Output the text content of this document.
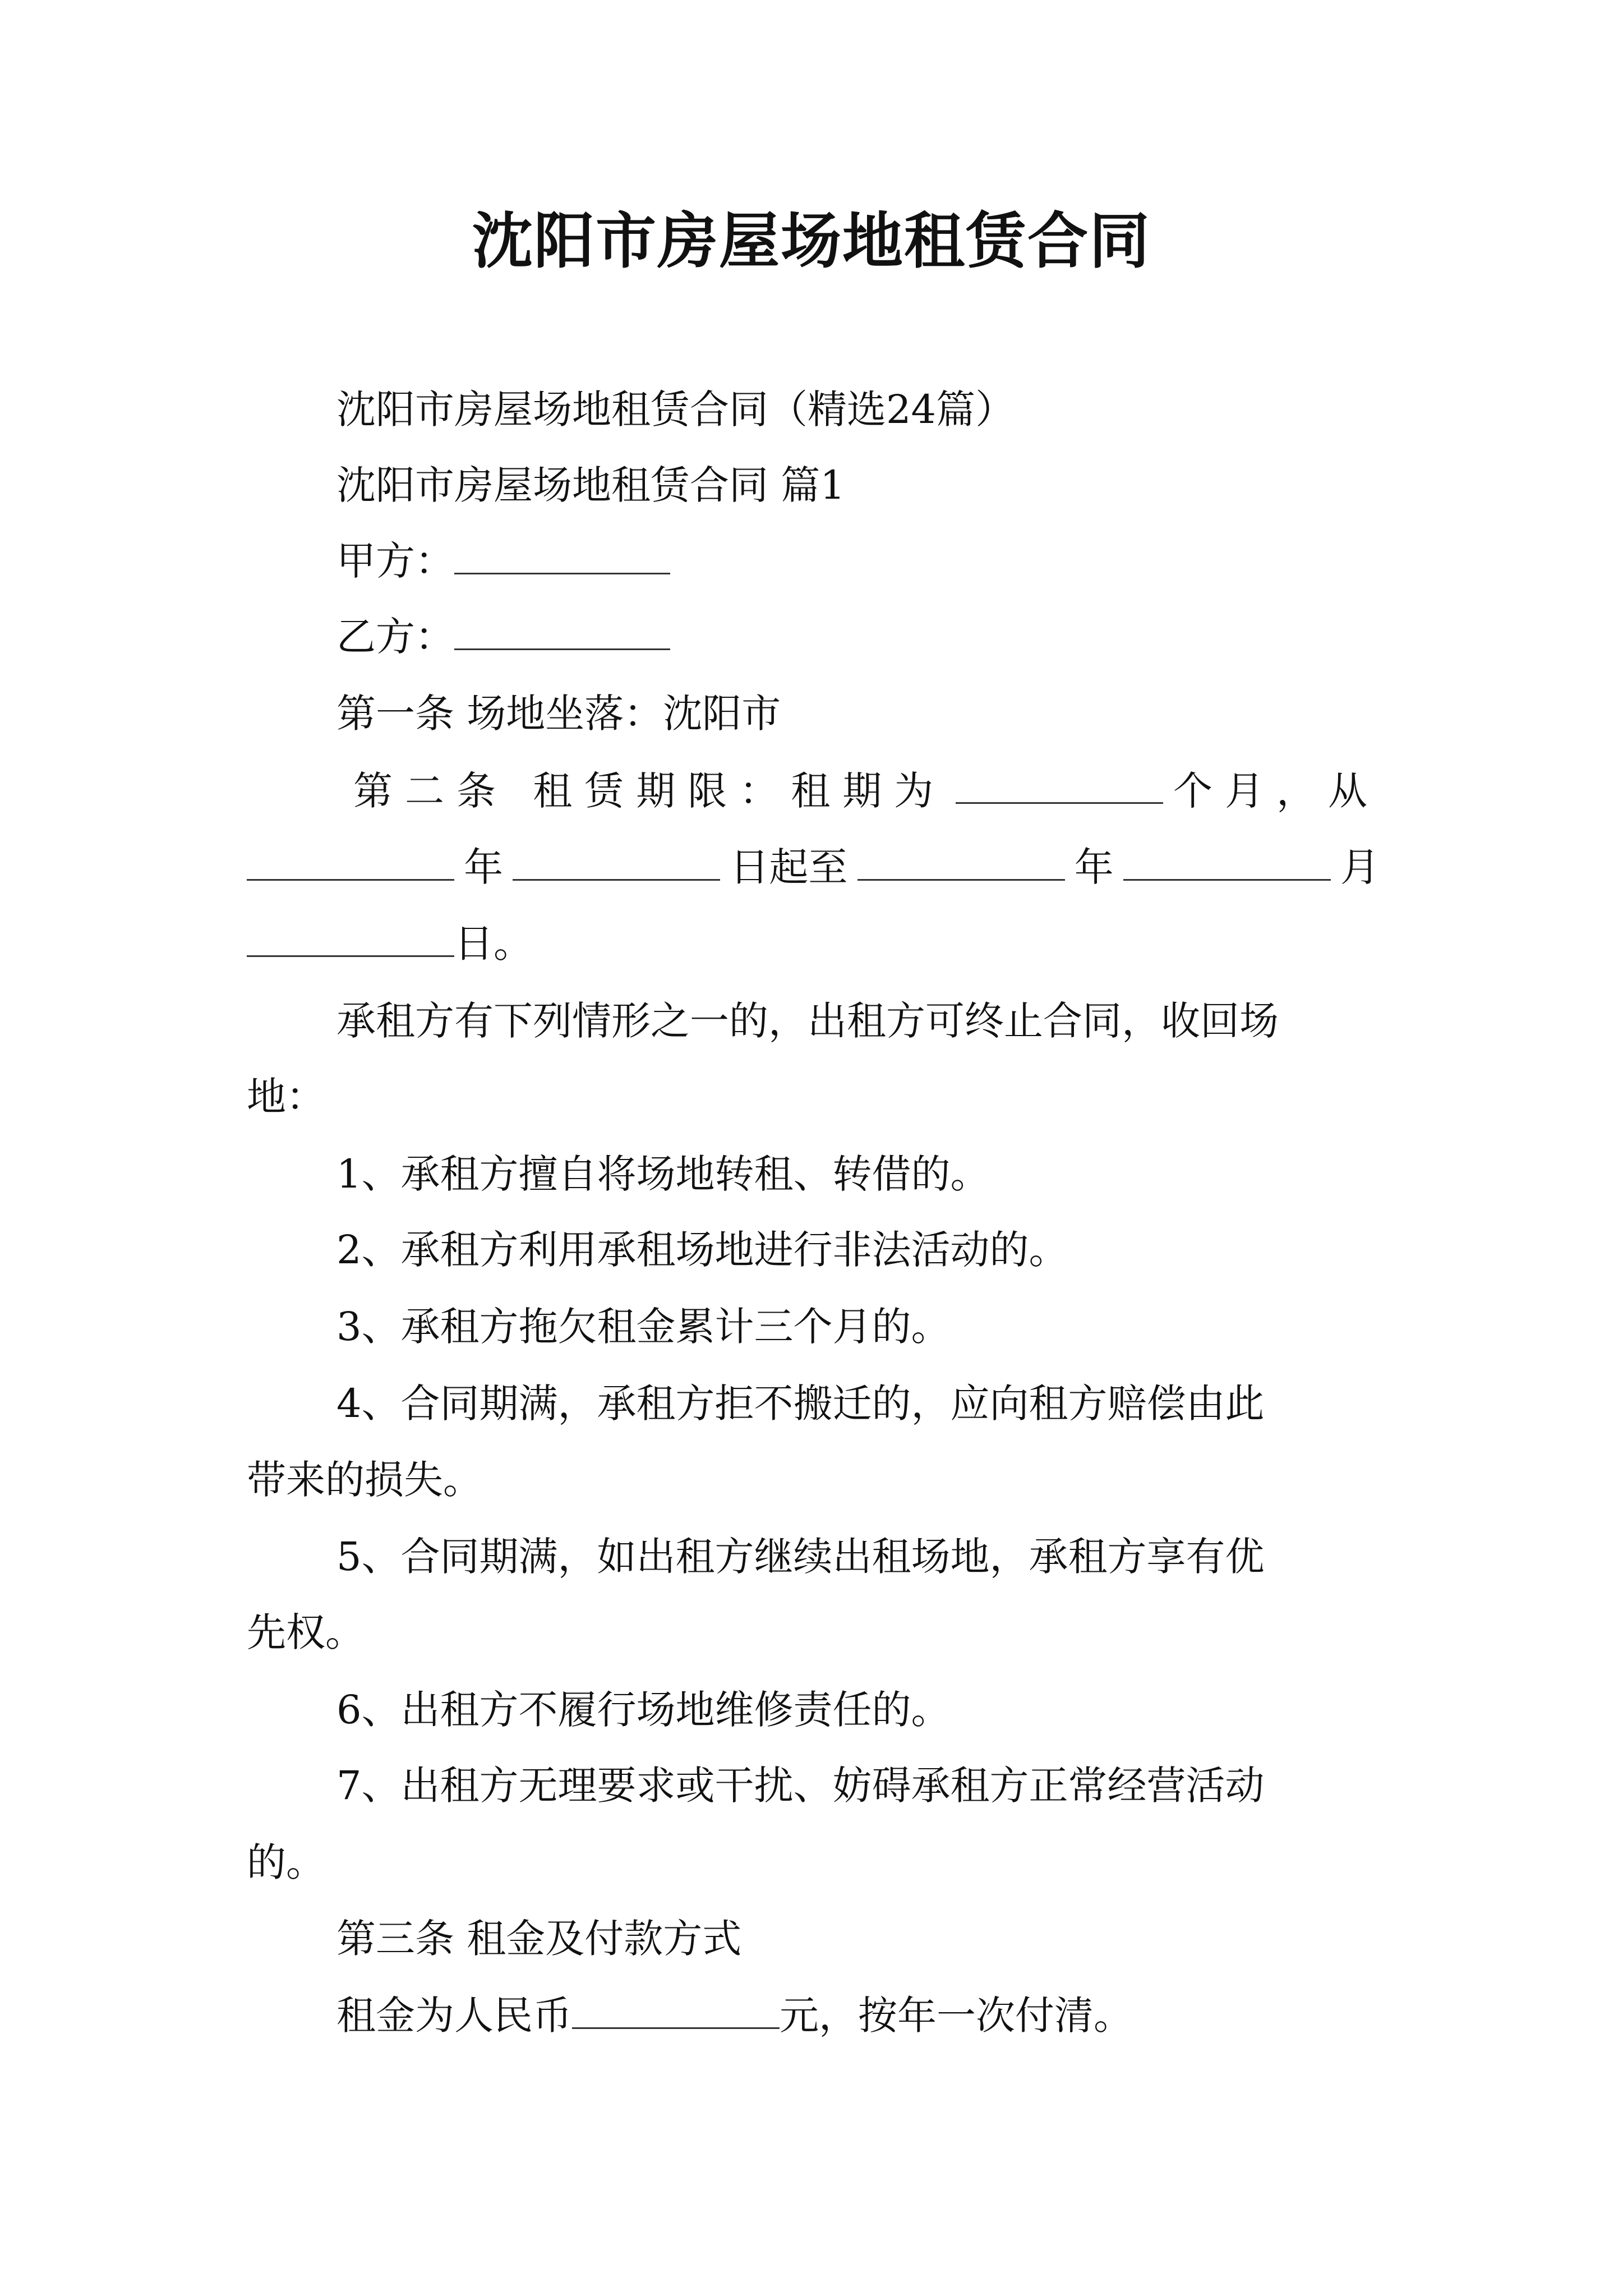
沈阳市房屋场地租赁合同
沈阳市房屋场地租赁合同（精选24篇）
沈阳市房屋场地租赁合同 篇1
甲方：
乙方：
第一条 场地坐落：沈阳市
第二条 租赁期限：租期为	个月，从
年	日起至	年	月
日。
承租方有下列情形之一的，出租方可终止合同，收回场
地：
1、承租方擅自将场地转租、转借的。
2、承租方利用承租场地进行非法活动的。
3、承租方拖欠租金累计三个月的。
4、合同期满，承租方拒不搬迁的，应向租方赔偿由此
带来的损失。
5、合同期满，如出租方继续出租场地，承租方享有优
先权。
6、出租方不履行场地维修责任的。
7、出租方无理要求或干扰、妨碍承租方正常经营活动
的。
第三条 租金及付款方式
租金为人民币	元，按年一次付清。
